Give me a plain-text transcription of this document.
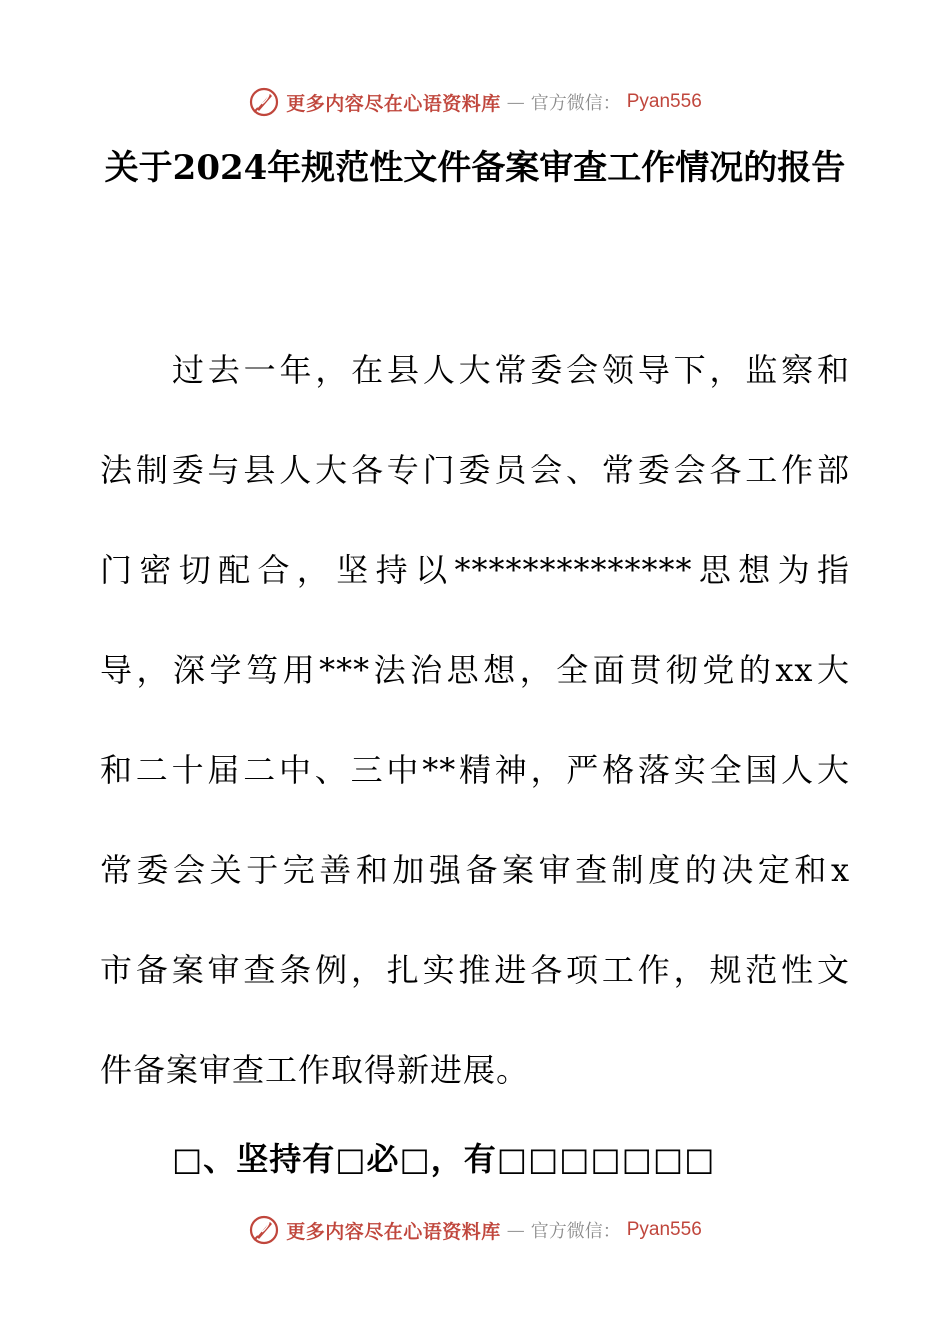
更多内容尽在心语资料库 — 官方微信： Pyan556
关于2024年规范性文件备案审查工作情况的报告
过去一年，在县人大常委会领导下，监察和
法制委与县人大各专门委员会、常委会各工作部
门密切配合，坚持以**************思想为指
导，深学笃用***法治思想，全面贯彻党的xx大
和二十届二中、三中**精神，严格落实全国人大
常委会关于完善和加强备案审查制度的决定和x
市备案审查条例，扎实推进各项工作，规范性文
件备案审查工作取得新进展。
□、坚持有□必□，有□□□□□□□
更多内容尽在心语资料库 — 官方微信： Pyan556
